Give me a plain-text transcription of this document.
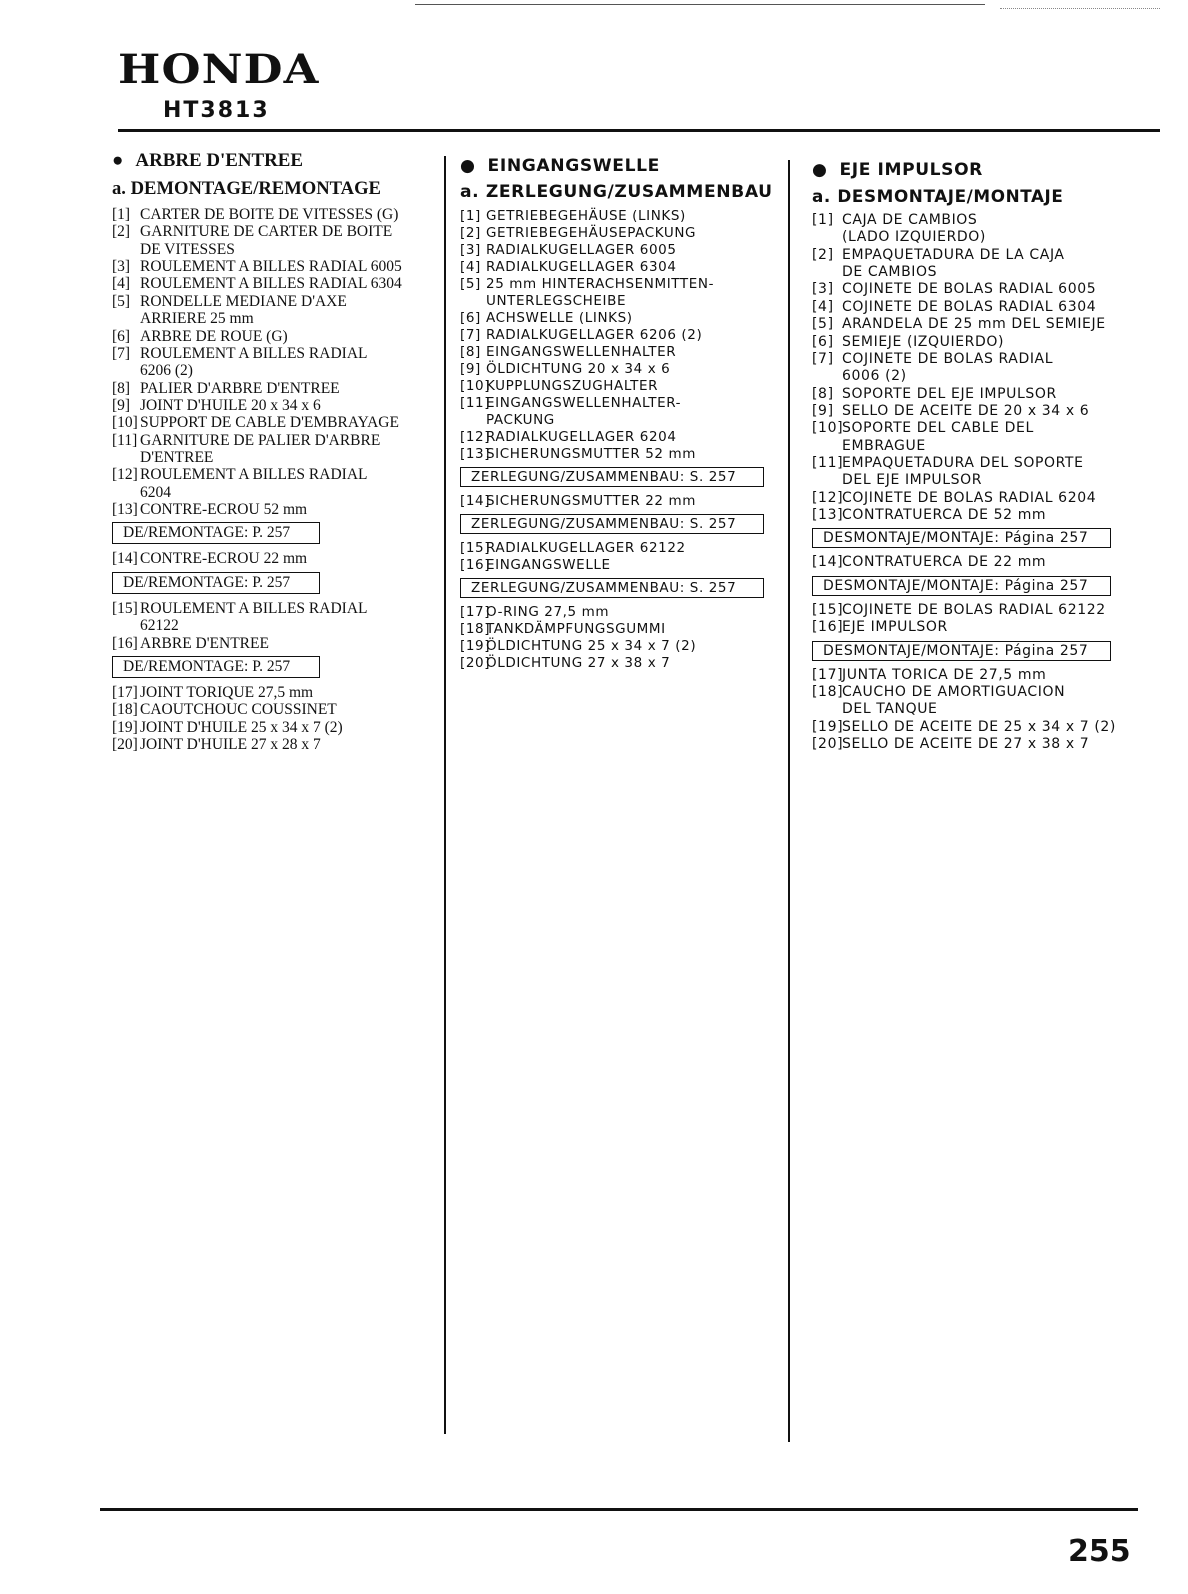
HONDA
HT3813
● ARBRE D'ENTREE
a. DEMONTAGE/REMONTAGE
[1] CARTER DE BOITE DE VITESSES (G)
[2] GARNITURE DE CARTER DE BOITE
DE VITESSES
[3] ROULEMENT A BILLES RADIAL 6005
[4] ROULEMENT A BILLES RADIAL 6304
[5] RONDELLE MEDIANE D'AXE
ARRIERE 25 mm
[6] ARBRE DE ROUE (G)
[7] ROULEMENT A BILLES RADIAL
6206 (2)
[8] PALIER D'ARBRE D'ENTREE
[9] JOINT D'HUILE 20 x 34 x 6
[10] SUPPORT DE CABLE D'EMBRAYAGE
[11] GARNITURE DE PALIER D'ARBRE
D'ENTREE
[12] ROULEMENT A BILLES RADIAL
6204
[13] CONTRE-ECROU 52 mm
DE/REMONTAGE: P. 257
[14] CONTRE-ECROU 22 mm
DE/REMONTAGE: P. 257
[15] ROULEMENT A BILLES RADIAL
62122
[16] ARBRE D'ENTREE
DE/REMONTAGE: P. 257
[17] JOINT TORIQUE 27,5 mm
[18] CAOUTCHOUC COUSSINET
[19] JOINT D'HUILE 25 x 34 x 7 (2)
[20] JOINT D'HUILE 27 x 28 x 7
● EINGANGSWELLE
a. ZERLEGUNG/ZUSAMMENBAU
[1] GETRIEBEGEHÄUSE (LINKS)
[2] GETRIEBEGEHÄUSEPACKUNG
[3] RADIALKUGELLAGER 6005
[4] RADIALKUGELLAGER 6304
[5] 25 mm HINTERACHSENMITTEN-
UNTERLEGSCHEIBE
[6] ACHSWELLE (LINKS)
[7] RADIALKUGELLAGER 6206 (2)
[8] EINGANGSWELLENHALTER
[9] ÖLDICHTUNG 20 x 34 x 6
[10]
KUPPLUNGSZUGHALTER
[11]
EINGANGSWELLENHALTER-
PACKUNG
[12]
RADIALKUGELLAGER 6204
[13]
SICHERUNGSMUTTER 52 mm
ZERLEGUNG/ZUSAMMENBAU: S. 257
[14]
SICHERUNGSMUTTER 22 mm
ZERLEGUNG/ZUSAMMENBAU: S. 257
[15]
RADIALKUGELLAGER 62122
[16]
EINGANGSWELLE
ZERLEGUNG/ZUSAMMENBAU: S. 257
[17]
O-RING 27,5 mm
[18]
TANKDÄMPFUNGSGUMMI
[19]
ÖLDICHTUNG 25 x 34 x 7 (2)
[20]
ÖLDICHTUNG 27 x 38 x 7
● EJE IMPULSOR
a. DESMONTAJE/MONTAJE
[1] CAJA DE CAMBIOS
(LADO IZQUIERDO)
[2] EMPAQUETADURA DE LA CAJA
DE CAMBIOS
[3] COJINETE DE BOLAS RADIAL 6005
[4] COJINETE DE BOLAS RADIAL 6304
[5] ARANDELA DE 25 mm DEL SEMIEJE
[6] SEMIEJE (IZQUIERDO)
[7] COJINETE DE BOLAS RADIAL
6006 (2)
[8] SOPORTE DEL EJE IMPULSOR
[9] SELLO DE ACEITE DE 20 x 34 x 6
[10]
SOPORTE DEL CABLE DEL
EMBRAGUE
[11]
EMPAQUETADURA DEL SOPORTE
DEL EJE IMPULSOR
[12]
COJINETE DE BOLAS RADIAL 6204
[13]
CONTRATUERCA DE 52 mm
DESMONTAJE/MONTAJE: Página 257
[14]
CONTRATUERCA DE 22 mm
DESMONTAJE/MONTAJE: Página 257
[15]
COJINETE DE BOLAS RADIAL 62122
[16]
EJE IMPULSOR
DESMONTAJE/MONTAJE: Página 257
[17]
JUNTA TORICA DE 27,5 mm
[18]
CAUCHO DE AMORTIGUACION
DEL TANQUE
[19]
SELLO DE ACEITE DE 25 x 34 x 7 (2)
[20]
SELLO DE ACEITE DE 27 x 38 x 7
255
